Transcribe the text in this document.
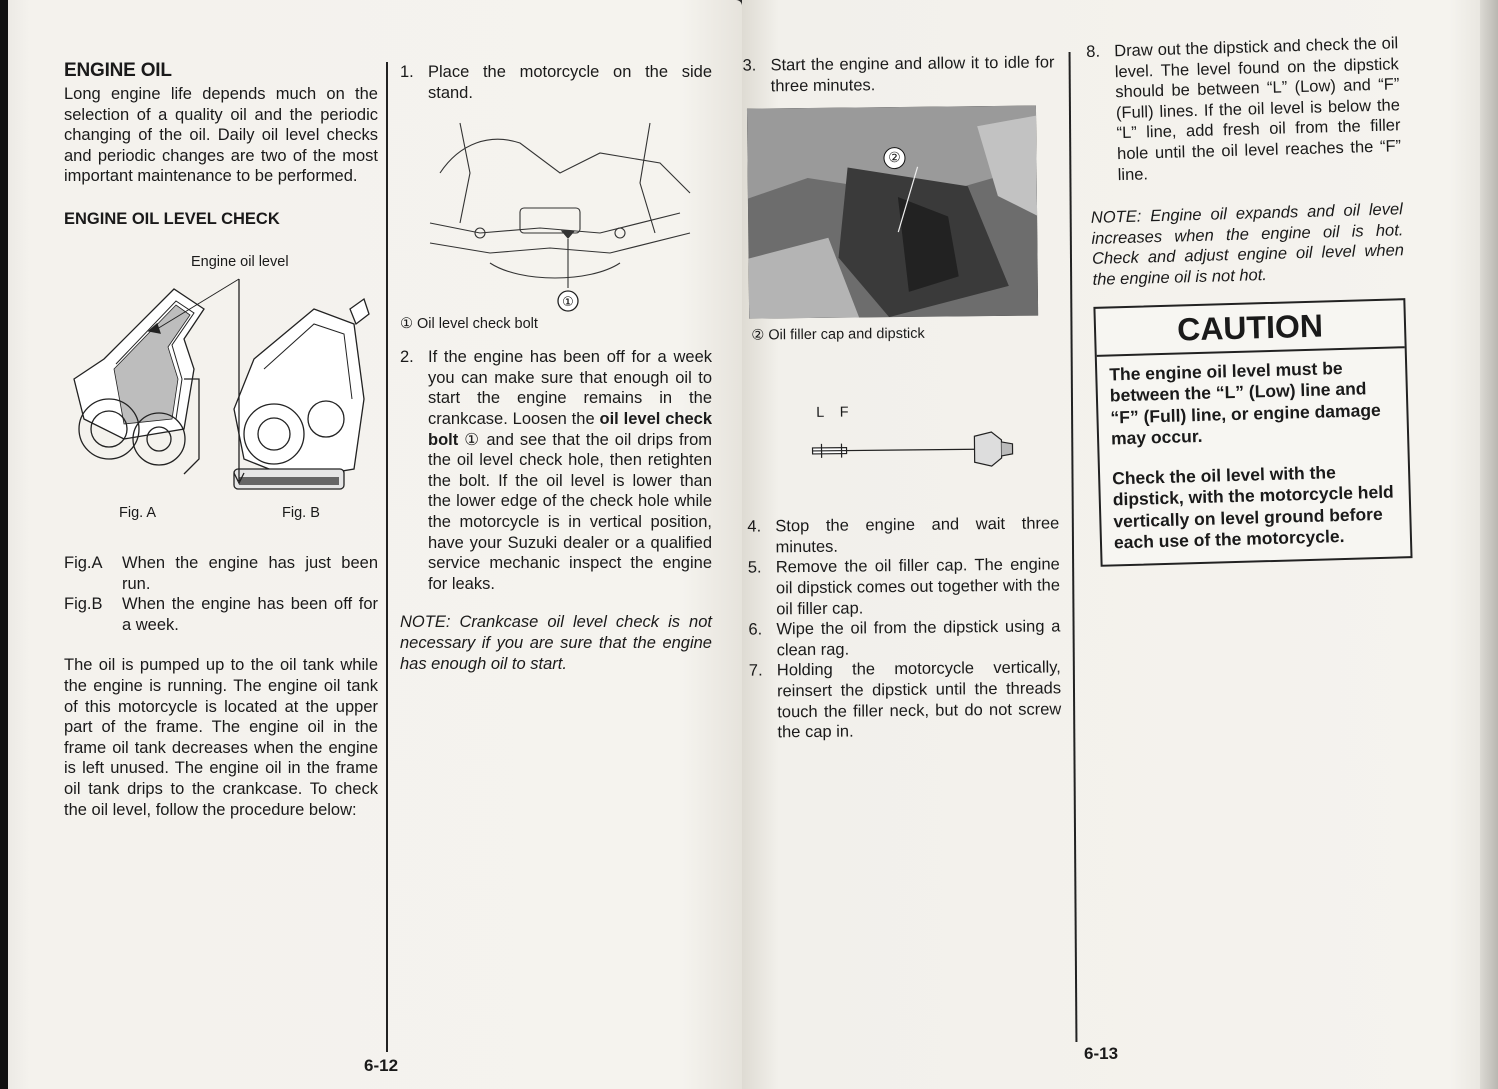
ENGINE OIL
Long engine life depends much on the selection of a quality oil and the periodic changing of the oil. Daily oil level checks and periodic changes are two of the most important maintenance to be performed.
ENGINE OIL LEVEL CHECK
Engine oil level
Fig. A	Fig. B
Fig.A	When the engine has just been run.
Fig.B	When the engine has been off for a week.
The oil is pumped up to the oil tank while the engine is running. The engine oil tank of this motorcycle is located at the upper part of the frame. The engine oil in the frame oil tank decreases when the engine is left unused. The engine oil in the frame oil tank drips to the crankcase. To check the oil level, follow the procedure below:
1. Place the motorcycle on the side stand.
①
① Oil level check bolt
2. If the engine has been off for a week you can make sure that enough oil to start the engine remains in the crankcase. Loosen the oil level check bolt ① and see that the oil drips from the oil level check hole, then retighten the bolt. If the oil level is lower than the lower edge of the check hole while the motorcycle is in vertical position, have your Suzuki dealer or a qualified service mechanic inspect the engine for leaks.
NOTE: Crankcase oil level check is not necessary if you are sure that the engine has enough oil to start.
6-12
3. Start the engine and allow it to idle for three minutes.
②
② Oil filler cap and dipstick
L F
4. Stop the engine and wait three minutes.
5. Remove the oil filler cap. The engine oil dipstick comes out together with the oil filler cap.
6. Wipe the oil from the dipstick using a clean rag.
7. Holding the motorcycle vertically, reinsert the dipstick until the threads touch the filler neck, but do not screw the cap in.
8. Draw out the dipstick and check the oil level. The level found on the dipstick should be between “L” (Low) and “F” (Full) lines. If the oil level is below the “L” line, add fresh oil from the filler hole until the oil level reaches the “F” line.
NOTE: Engine oil expands and oil level increases when the engine oil is hot. Check and adjust engine oil level when the engine oil is not hot.
CAUTION

The engine oil level must be between the “L” (Low) line and “F” (Full) line, or engine damage may occur.

Check the oil level with the dipstick, with the motorcycle held vertically on level ground before each use of the motorcycle.

6-13
